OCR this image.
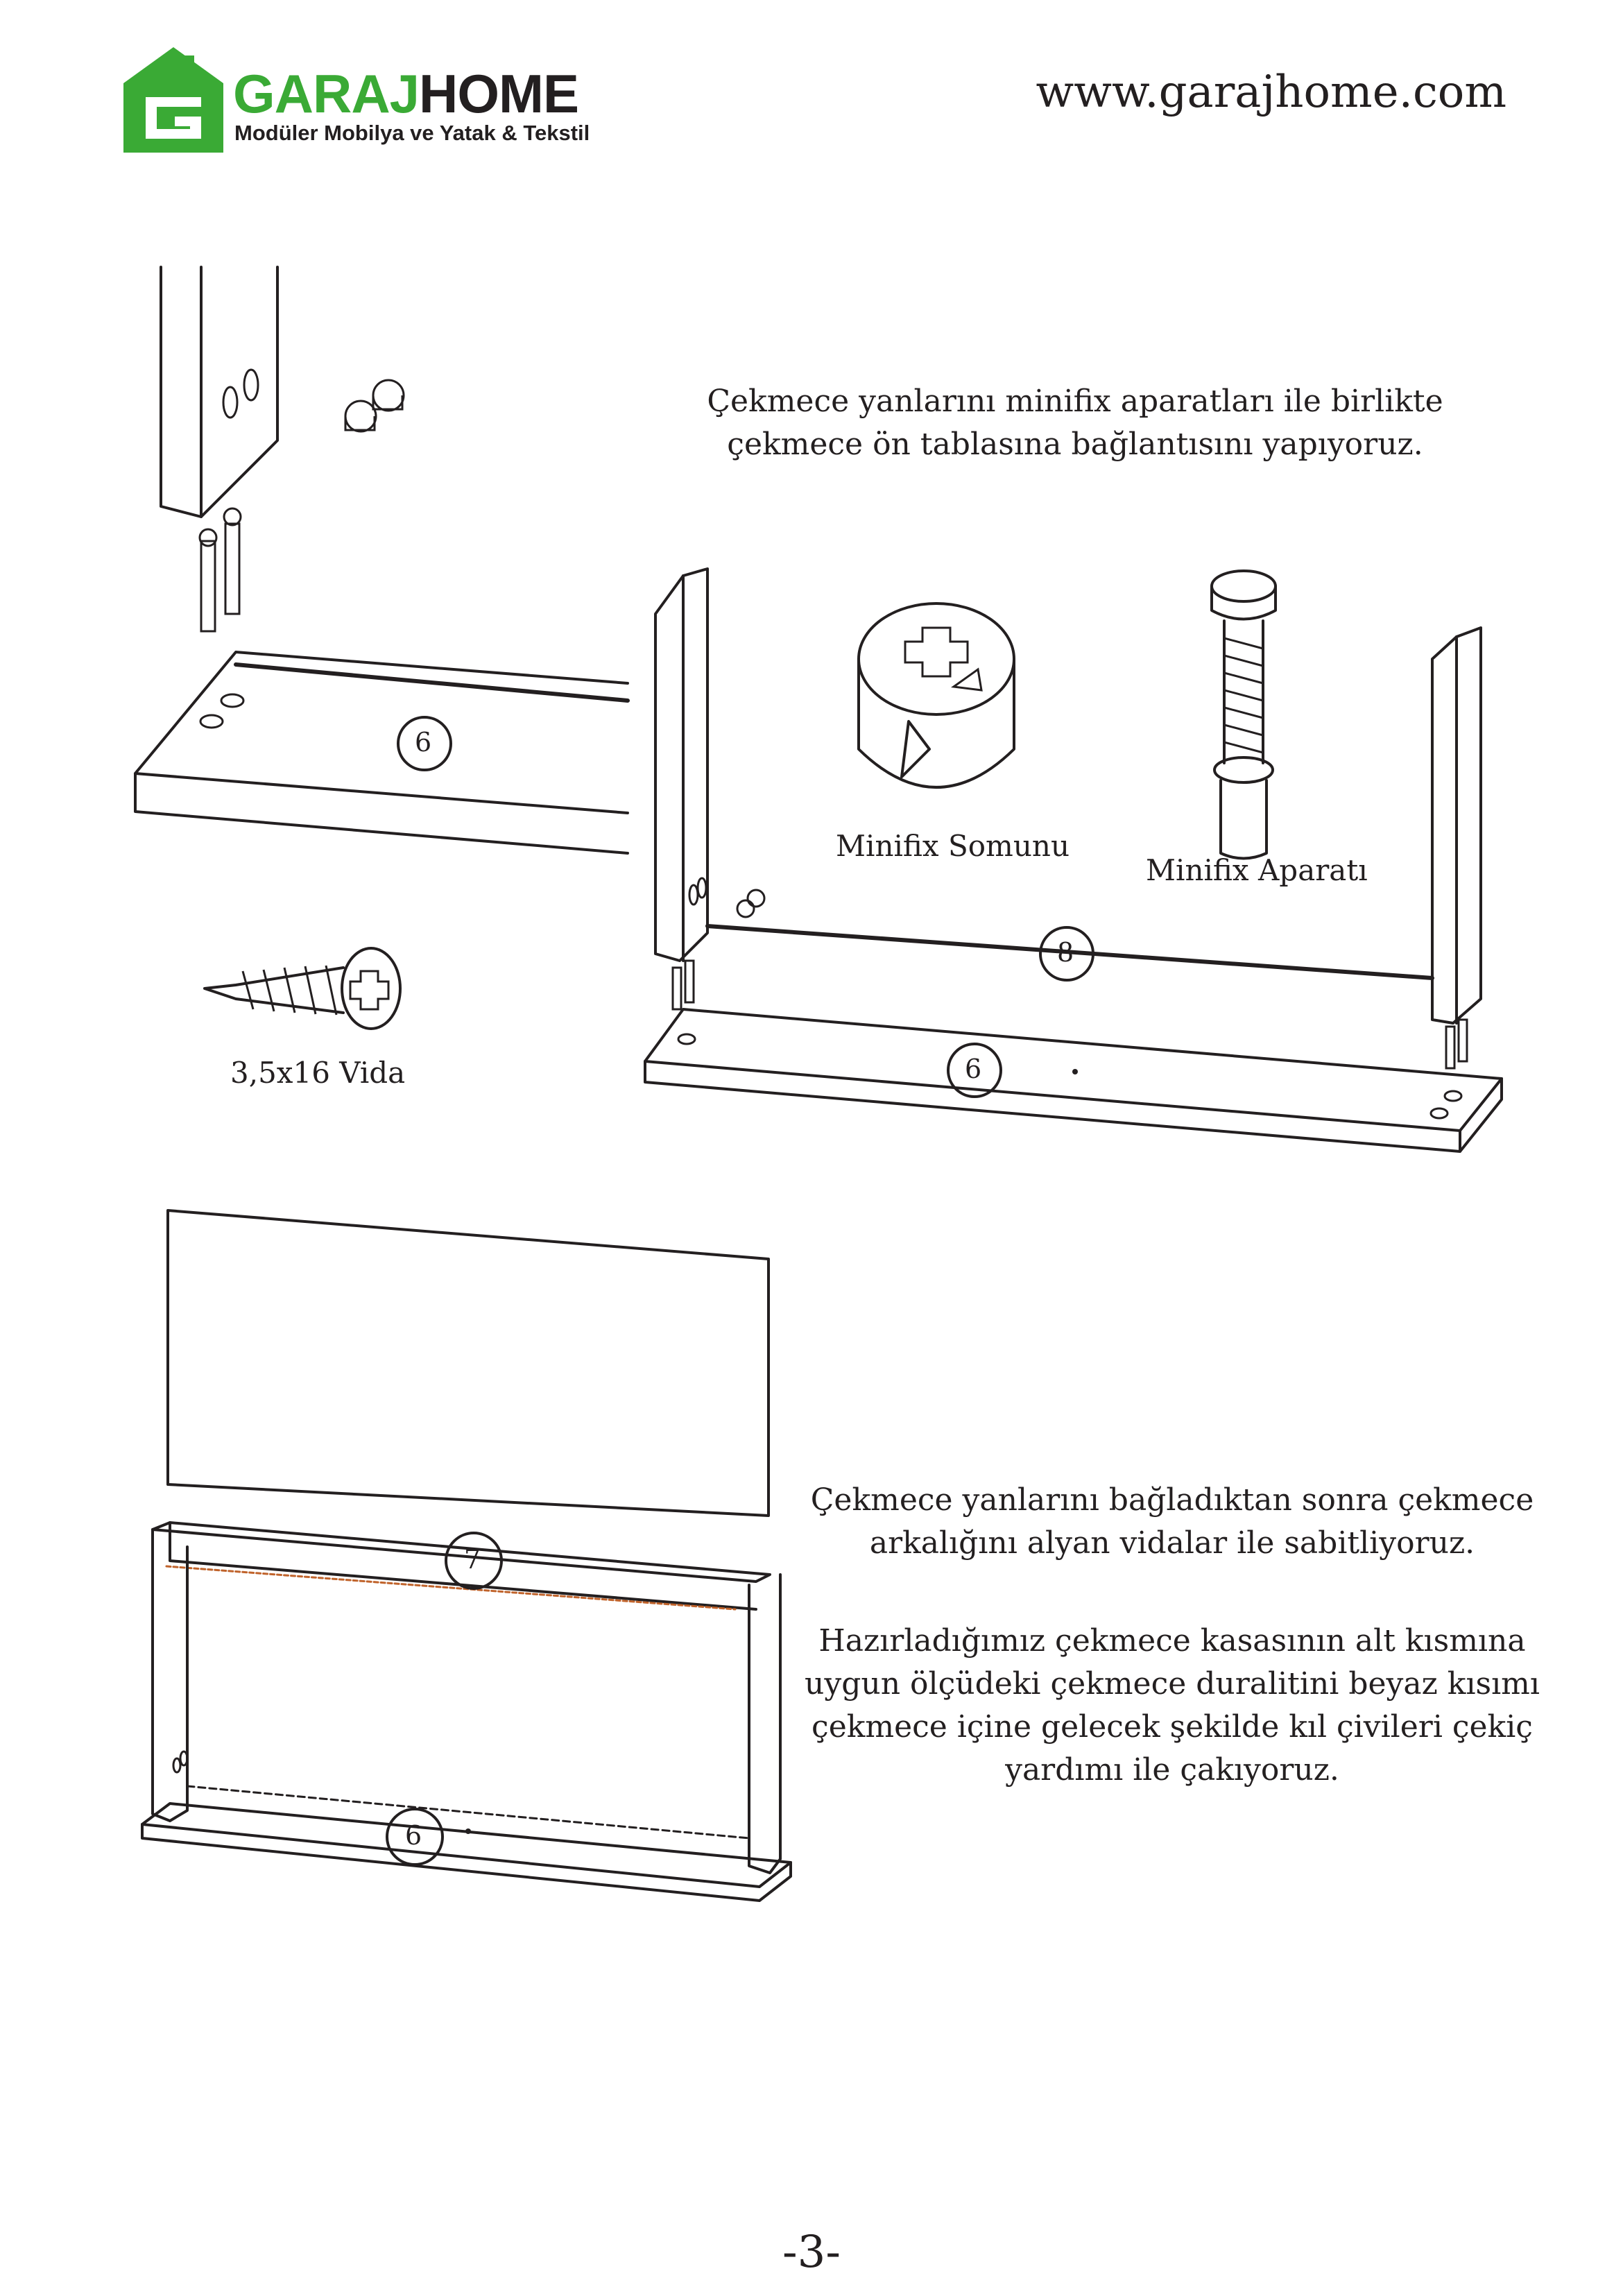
GARAJHOME
Modüler Mobilya ve Yatak & Tekstil
www.garajhome.com
Çekmece yanlarını minifix aparatları ile birlikte
çekmece ön tablasına bağlantısını yapıyoruz.
6
8
6
Minifix Somunu
Minifix Aparatı
3,5x16 Vida
7
6
Çekmece yanlarını bağladıktan sonra çekmece
arkalığını alyan vidalar ile sabitliyoruz.
Hazırladığımız çekmece kasasının alt kısmına
uygun ölçüdeki çekmece duralitini beyaz kısımı
çekmece içine gelecek şekilde kıl çivileri çekiç
yardımı ile çakıyoruz.
-3-
